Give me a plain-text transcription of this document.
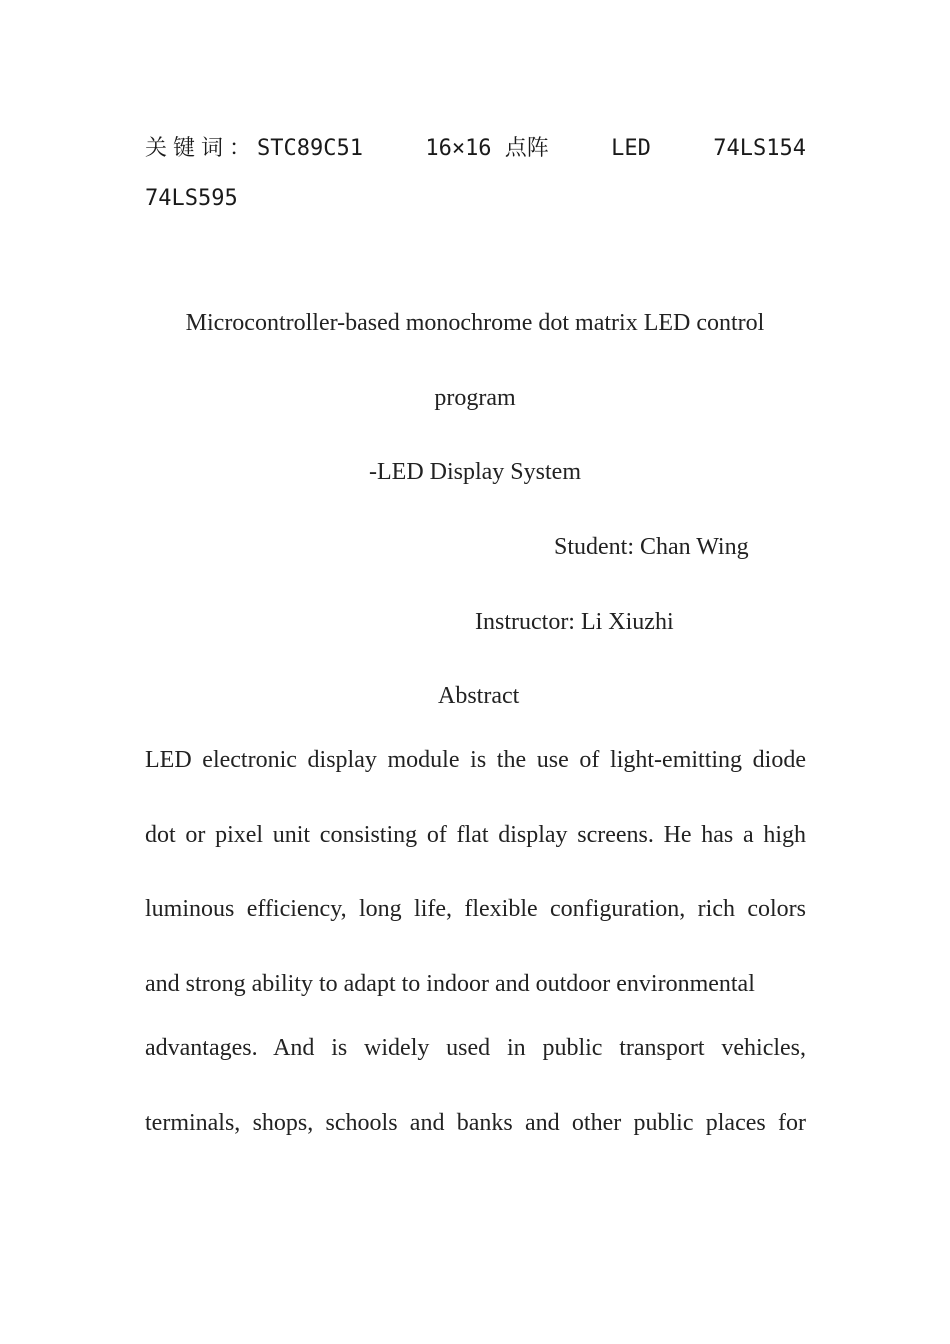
关键词：STC89C51	16×16 点阵	LED	74LS154
74LS595
Microcontroller-based monochrome dot matrix LED control
program
-LED Display System
Student: Chan Wing
Instructor: Li Xiuzhi
Abstract
LED electronic display module is the use of light-emitting diode
dot or pixel unit consisting of flat display screens. He has a high
luminous efficiency, long life, flexible configuration, rich colors
and strong ability to adapt to indoor and outdoor environmental
advantages. And is widely used in public transport vehicles,
terminals, shops, schools and banks and other public places for
